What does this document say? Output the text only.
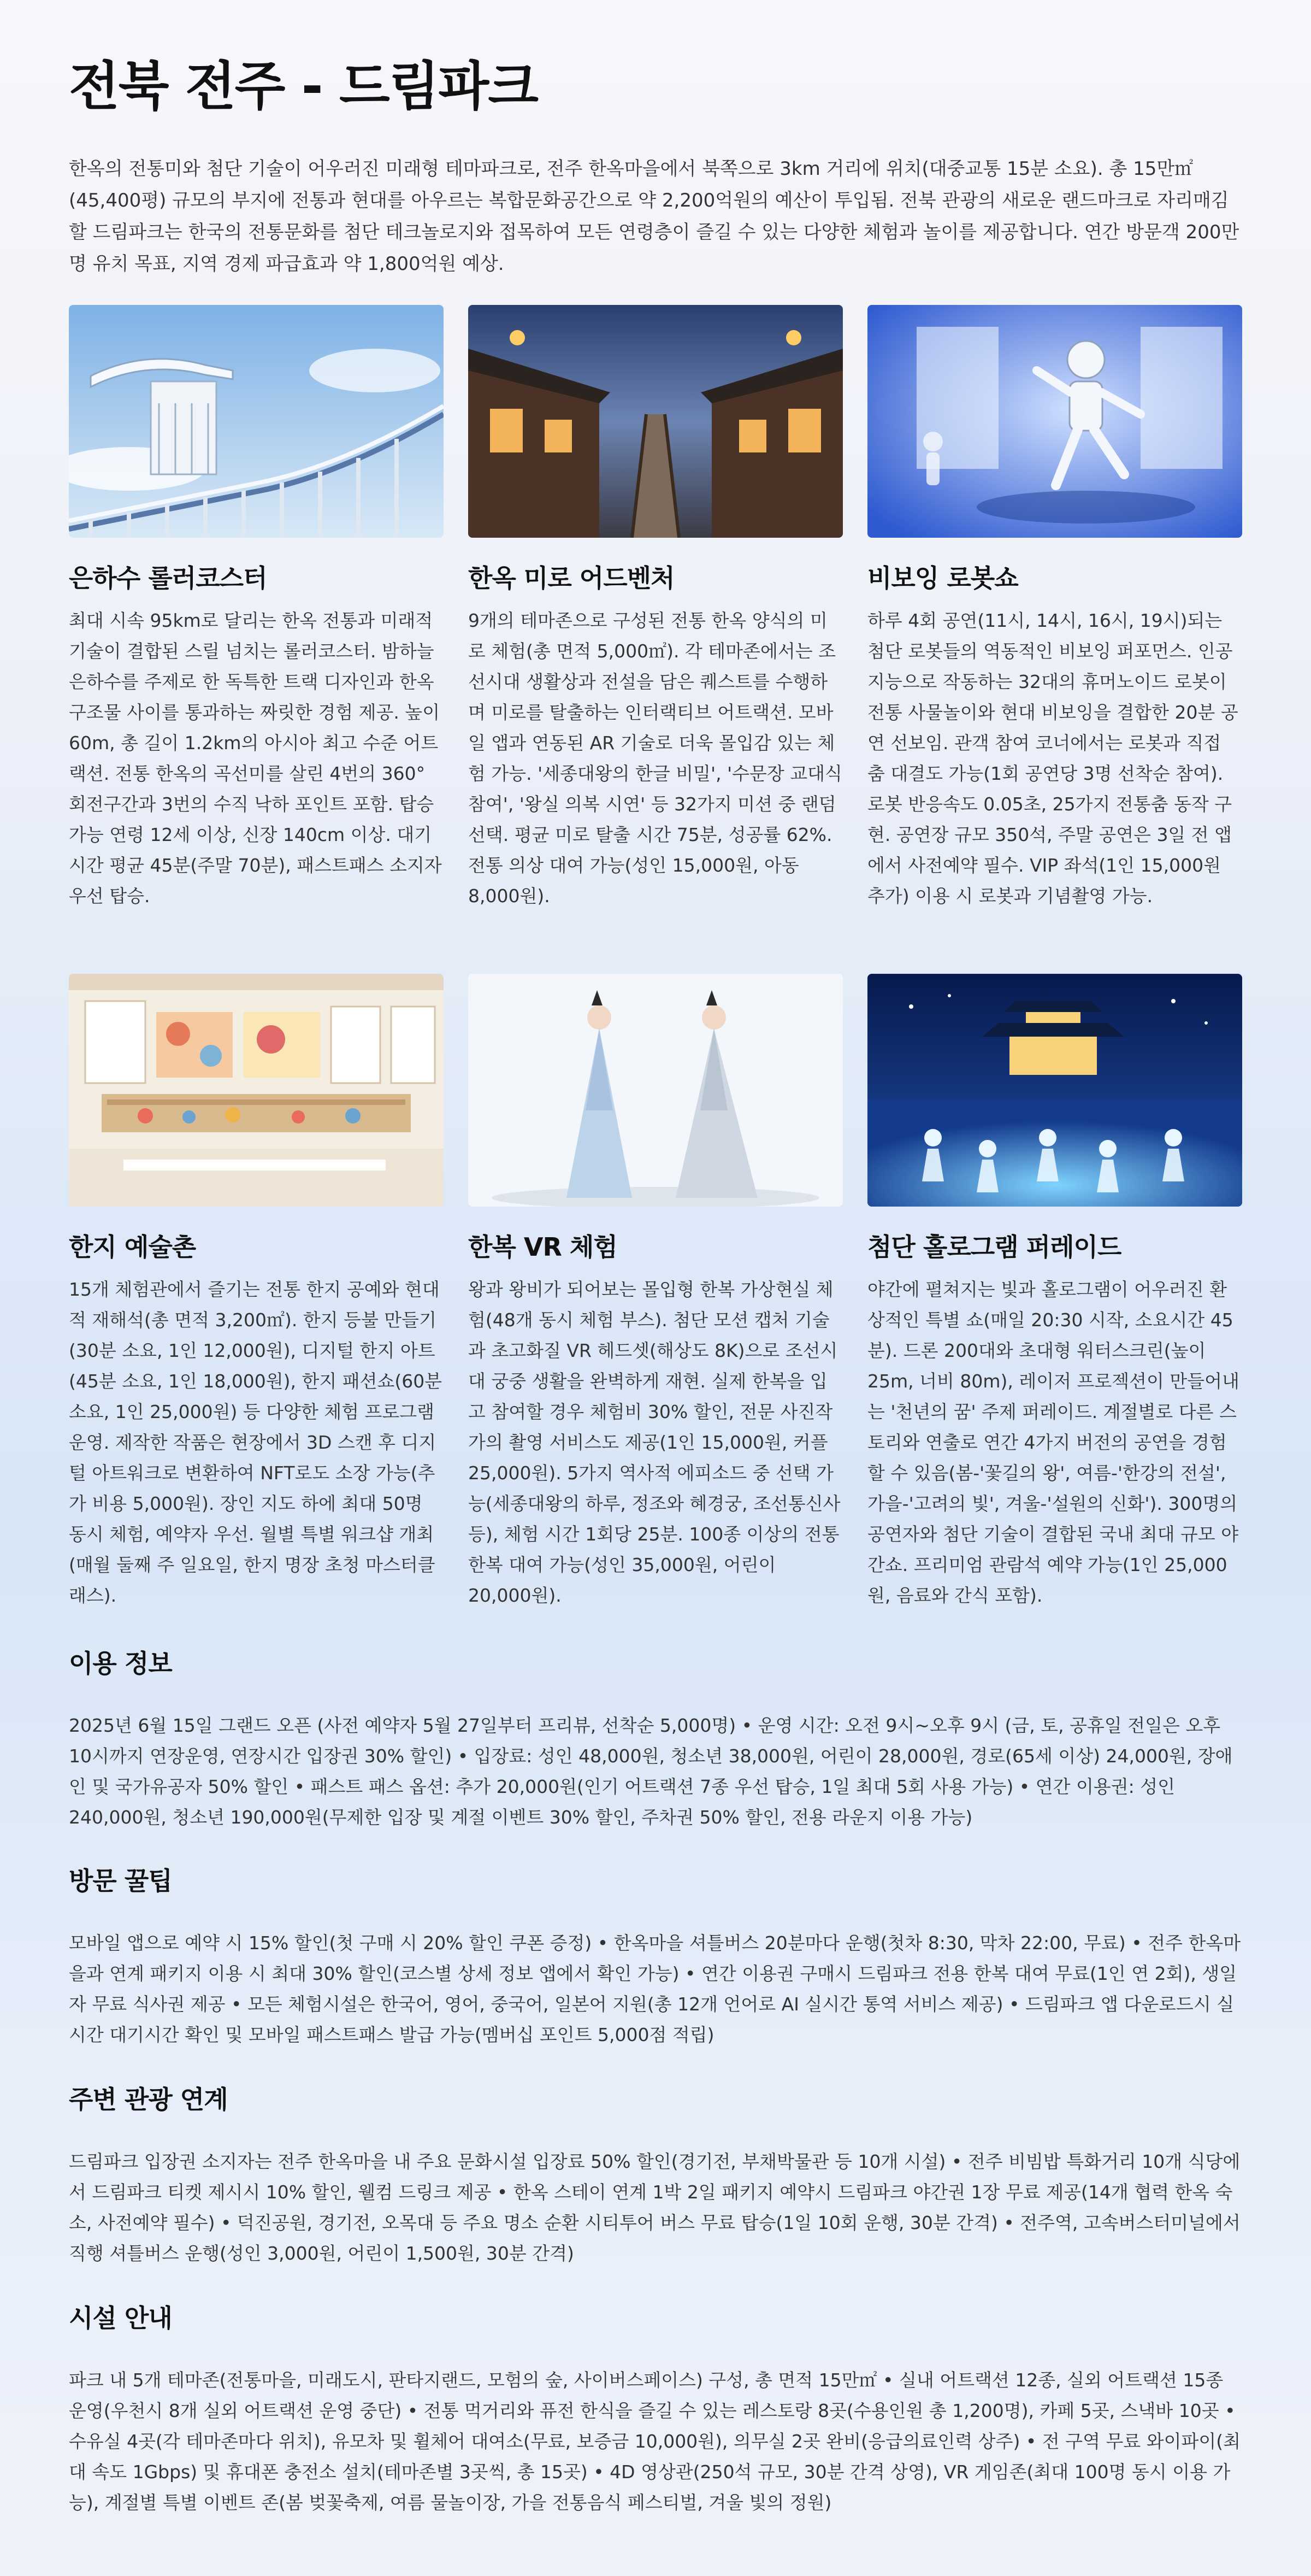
전북 전주 - 드림파크

한옥의 전통미와 첨단 기술이 어우러진 미래형 테마파크로, 전주 한옥마을에서 북쪽으로 3km 거리에 위치(대중교통 15분 소요). 총 15만㎡(45,400평) 규모의 부지에 전통과 현대를 아우르는 복합문화공간으로 약 2,200억원의 예산이 투입됨. 전북 관광의 새로운 랜드마크로 자리매김할 드림파크는 한국의 전통문화를 첨단 테크놀로지와 접목하여 모든 연령층이 즐길 수 있는 다양한 체험과 놀이를 제공합니다. 연간 방문객 200만명 유치 목표, 지역 경제 파급효과 약 1,800억원 예상.

은하수 롤러코스터

최대 시속 95km로 달리는 한옥 전통과 미래적 기술이 결합된 스릴 넘치는 롤러코스터. 밤하늘 은하수를 주제로 한 독특한 트랙 디자인과 한옥 구조물 사이를 통과하는 짜릿한 경험 제공. 높이 60m, 총 길이 1.2km의 아시아 최고 수준 어트랙션. 전통 한옥의 곡선미를 살린 4번의 360° 회전구간과 3번의 수직 낙하 포인트 포함. 탑승 가능 연령 12세 이상, 신장 140cm 이상. 대기시간 평균 45분(주말 70분), 패스트패스 소지자 우선 탑승.

한옥 미로 어드벤처

9개의 테마존으로 구성된 전통 한옥 양식의 미로 체험(총 면적 5,000㎡). 각 테마존에서는 조선시대 생활상과 전설을 담은 퀘스트를 수행하며 미로를 탈출하는 인터랙티브 어트랙션. 모바일 앱과 연동된 AR 기술로 더욱 몰입감 있는 체험 가능. '세종대왕의 한글 비밀', '수문장 교대식 참여', '왕실 의복 시연' 등 32가지 미션 중 랜덤 선택. 평균 미로 탈출 시간 75분, 성공률 62%. 전통 의상 대여 가능(성인 15,000원, 아동 8,000원).

비보잉 로봇쇼

하루 4회 공연(11시, 14시, 16시, 19시)되는 첨단 로봇들의 역동적인 비보잉 퍼포먼스. 인공지능으로 작동하는 32대의 휴머노이드 로봇이 전통 사물놀이와 현대 비보잉을 결합한 20분 공연 선보임. 관객 참여 코너에서는 로봇과 직접 춤 대결도 가능(1회 공연당 3명 선착순 참여). 로봇 반응속도 0.05초, 25가지 전통춤 동작 구현. 공연장 규모 350석, 주말 공연은 3일 전 앱에서 사전예약 필수. VIP 좌석(1인 15,000원 추가) 이용 시 로봇과 기념촬영 가능.

한지 예술촌

15개 체험관에서 즐기는 전통 한지 공예와 현대적 재해석(총 면적 3,200㎡). 한지 등불 만들기(30분 소요, 1인 12,000원), 디지털 한지 아트(45분 소요, 1인 18,000원), 한지 패션쇼(60분 소요, 1인 25,000원) 등 다양한 체험 프로그램 운영. 제작한 작품은 현장에서 3D 스캔 후 디지털 아트워크로 변환하여 NFT로도 소장 가능(추가 비용 5,000원). 장인 지도 하에 최대 50명 동시 체험, 예약자 우선. 월별 특별 워크샵 개최(매월 둘째 주 일요일, 한지 명장 초청 마스터클래스).

한복 VR 체험

왕과 왕비가 되어보는 몰입형 한복 가상현실 체험(48개 동시 체험 부스). 첨단 모션 캡처 기술과 초고화질 VR 헤드셋(해상도 8K)으로 조선시대 궁중 생활을 완벽하게 재현. 실제 한복을 입고 참여할 경우 체험비 30% 할인, 전문 사진작가의 촬영 서비스도 제공(1인 15,000원, 커플 25,000원). 5가지 역사적 에피소드 중 선택 가능(세종대왕의 하루, 정조와 혜경궁, 조선통신사 등), 체험 시간 1회당 25분. 100종 이상의 전통 한복 대여 가능(성인 35,000원, 어린이 20,000원).

첨단 홀로그램 퍼레이드

야간에 펼쳐지는 빛과 홀로그램이 어우러진 환상적인 특별 쇼(매일 20:30 시작, 소요시간 45분). 드론 200대와 초대형 워터스크린(높이 25m, 너비 80m), 레이저 프로젝션이 만들어내는 '천년의 꿈' 주제 퍼레이드. 계절별로 다른 스토리와 연출로 연간 4가지 버전의 공연을 경험할 수 있음(봄-'꽃길의 왕', 여름-'한강의 전설', 가을-'고려의 빛', 겨울-'설원의 신화'). 300명의 공연자와 첨단 기술이 결합된 국내 최대 규모 야간쇼. 프리미엄 관람석 예약 가능(1인 25,000원, 음료와 간식 포함).

이용 정보

2025년 6월 15일 그랜드 오픈 (사전 예약자 5월 27일부터 프리뷰, 선착순 5,000명) • 운영 시간: 오전 9시~오후 9시 (금, 토, 공휴일 전일은 오후 10시까지 연장운영, 연장시간 입장권 30% 할인) • 입장료: 성인 48,000원, 청소년 38,000원, 어린이 28,000원, 경로(65세 이상) 24,000원, 장애인 및 국가유공자 50% 할인 • 패스트 패스 옵션: 추가 20,000원(인기 어트랙션 7종 우선 탑승, 1일 최대 5회 사용 가능) • 연간 이용권: 성인 240,000원, 청소년 190,000원(무제한 입장 및 계절 이벤트 30% 할인, 주차권 50% 할인, 전용 라운지 이용 가능)

방문 꿀팁

모바일 앱으로 예약 시 15% 할인(첫 구매 시 20% 할인 쿠폰 증정) • 한옥마을 셔틀버스 20분마다 운행(첫차 8:30, 막차 22:00, 무료) • 전주 한옥마을과 연계 패키지 이용 시 최대 30% 할인(코스별 상세 정보 앱에서 확인 가능) • 연간 이용권 구매시 드림파크 전용 한복 대여 무료(1인 연 2회), 생일자 무료 식사권 제공 • 모든 체험시설은 한국어, 영어, 중국어, 일본어 지원(총 12개 언어로 AI 실시간 통역 서비스 제공) • 드림파크 앱 다운로드시 실시간 대기시간 확인 및 모바일 패스트패스 발급 가능(멤버십 포인트 5,000점 적립)

주변 관광 연계

드림파크 입장권 소지자는 전주 한옥마을 내 주요 문화시설 입장료 50% 할인(경기전, 부채박물관 등 10개 시설) • 전주 비빔밥 특화거리 10개 식당에서 드림파크 티켓 제시시 10% 할인, 웰컴 드링크 제공 • 한옥 스테이 연계 1박 2일 패키지 예약시 드림파크 야간권 1장 무료 제공(14개 협력 한옥 숙소, 사전예약 필수) • 덕진공원, 경기전, 오목대 등 주요 명소 순환 시티투어 버스 무료 탑승(1일 10회 운행, 30분 간격) • 전주역, 고속버스터미널에서 직행 셔틀버스 운행(성인 3,000원, 어린이 1,500원, 30분 간격)

시설 안내

파크 내 5개 테마존(전통마을, 미래도시, 판타지랜드, 모험의 숲, 사이버스페이스) 구성, 총 면적 15만㎡ • 실내 어트랙션 12종, 실외 어트랙션 15종 운영(우천시 8개 실외 어트랙션 운영 중단) • 전통 먹거리와 퓨전 한식을 즐길 수 있는 레스토랑 8곳(수용인원 총 1,200명), 카페 5곳, 스낵바 10곳 • 수유실 4곳(각 테마존마다 위치), 유모차 및 휠체어 대여소(무료, 보증금 10,000원), 의무실 2곳 완비(응급의료인력 상주) • 전 구역 무료 와이파이(최대 속도 1Gbps) 및 휴대폰 충전소 설치(테마존별 3곳씩, 총 15곳) • 4D 영상관(250석 규모, 30분 간격 상영), VR 게임존(최대 100명 동시 이용 가능), 계절별 특별 이벤트 존(봄 벚꽃축제, 여름 물놀이장, 가을 전통음식 페스티벌, 겨울 빛의 정원)
